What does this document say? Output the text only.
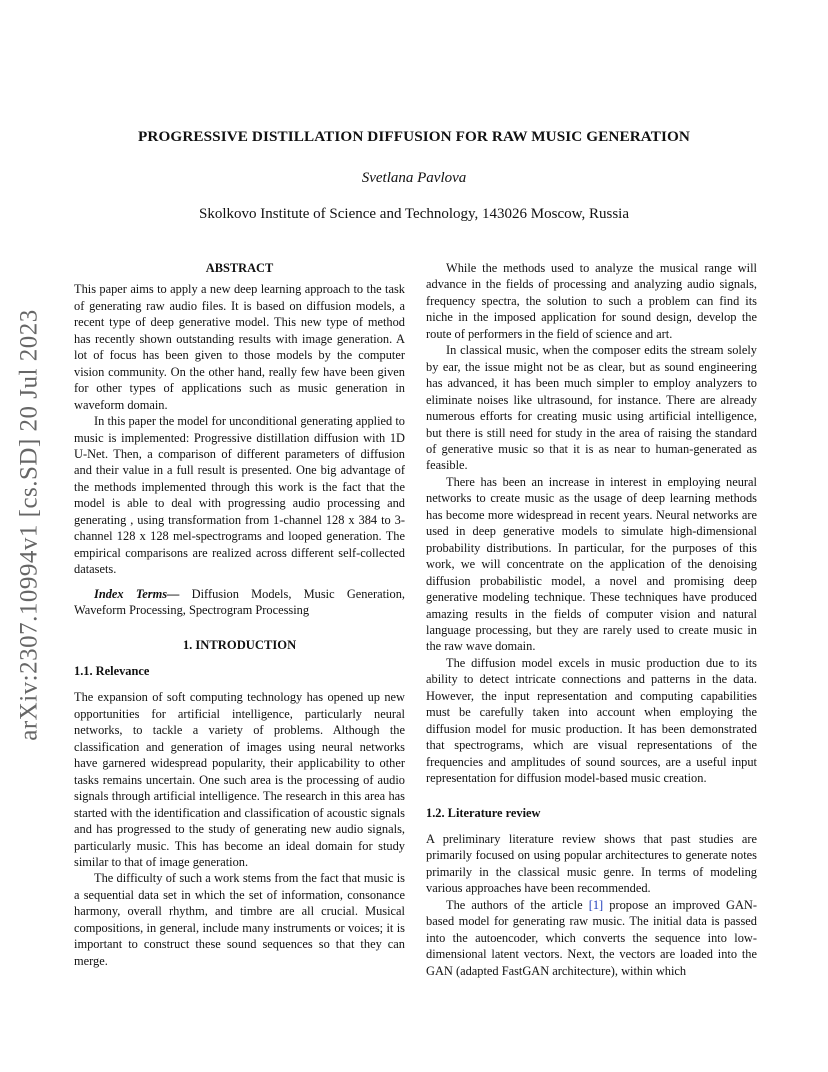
arXiv:2307.10994v1 [cs.SD] 20 Jul 2023
PROGRESSIVE DISTILLATION DIFFUSION FOR RAW MUSIC GENERATION
Svetlana Pavlova
Skolkovo Institute of Science and Technology, 143026 Moscow, Russia
ABSTRACT

This paper aims to apply a new deep learning approach to the task of generating raw audio files. It is based on diffusion models, a recent type of deep generative model. This new type of method has recently shown outstanding results with image generation. A lot of focus has been given to those models by the computer vision community. On the other hand, really few have been given for other types of applications such as music generation in waveform domain.

In this paper the model for unconditional generating applied to music is implemented: Progressive distillation diffusion with 1D U-Net. Then, a comparison of different parameters of diffusion and their value in a full result is presented. One big advantage of the methods implemented through this work is the fact that the model is able to deal with progressing audio processing and generating , using transformation from 1-channel 128 x 384 to 3-channel 128 x 128 mel-spectrograms and looped generation. The empirical comparisons are realized across different self-collected datasets.

Index Terms— Diffusion Models, Music Generation, Waveform Processing, Spectrogram Processing

1. INTRODUCTION
1.1. Relevance

The expansion of soft computing technology has opened up new opportunities for artificial intelligence, particularly neural networks, to tackle a variety of problems. Although the classification and generation of images using neural networks have garnered widespread popularity, their applicability to other tasks remains uncertain. One such area is the processing of audio signals through artificial intelligence. The research in this area has started with the identification and classification of acoustic signals and has progressed to the study of generating new audio signals, particularly music. This has become an ideal domain for study similar to that of image generation.

The difficulty of such a work stems from the fact that music is a sequential data set in which the set of information, consonance harmony, overall rhythm, and timbre are all crucial. Musical compositions, in general, include many instruments or voices; it is important to construct these sound sequences so that they can merge.

While the methods used to analyze the musical range will advance in the fields of processing and analyzing audio signals, frequency spectra, the solution to such a problem can find its niche in the imposed application for sound design, develop the route of performers in the field of science and art.

In classical music, when the composer edits the stream solely by ear, the issue might not be as clear, but as sound engineering has advanced, it has been much simpler to employ analyzers to eliminate noises like ultrasound, for instance. There are already numerous efforts for creating music using artificial intelligence, but there is still need for study in the area of raising the standard of generative music so that it is as near to human-generated as feasible.

There has been an increase in interest in employing neural networks to create music as the usage of deep learning methods has become more widespread in recent years. Neural networks are used in deep generative models to simulate high-dimensional probability distributions. In particular, for the purposes of this work, we will concentrate on the application of the denoising diffusion probabilistic model, a novel and promising deep generative modeling technique. These techniques have produced amazing results in the fields of computer vision and natural language processing, but they are rarely used to create music in the raw wave domain.

The diffusion model excels in music production due to its ability to detect intricate connections and patterns in the data. However, the input representation and computing capabilities must be carefully taken into account when employing the diffusion model for music production. It has been demonstrated that spectrograms, which are visual representations of the frequencies and amplitudes of sound sources, are a useful input representation for diffusion model-based music creation.

1.2. Literature review

A preliminary literature review shows that past studies are primarily focused on using popular architectures to generate notes primarily in the classical music genre. In terms of modeling various approaches have been recommended.

The authors of the article [1] propose an improved GAN-based model for generating raw music. The initial data is passed into the autoencoder, which converts the sequence into low-dimensional latent vectors. Next, the vectors are loaded into the GAN (adapted FastGAN architecture), within which
